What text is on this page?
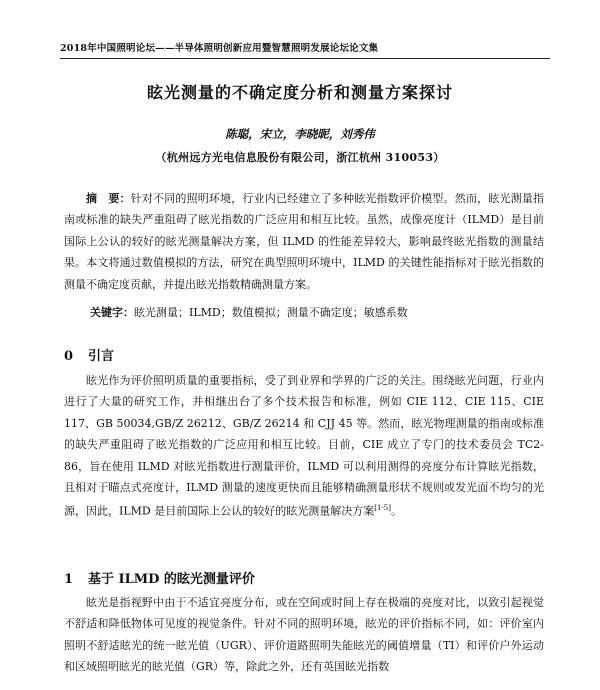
2018年中国照明论坛——半导体照明创新应用暨智慧照明发展论坛论文集
眩光测量的不确定度分析和测量方案探讨
陈聪，宋立，李晓昵，刘秀伟
（杭州远方光电信息股份有限公司，浙江杭州 310053）
摘　要：针对不同的照明环境，行业内已经建立了多种眩光指数评价模型。然而，眩光测量指南或标准的缺失严重阻碍了眩光指数的广泛应用和相互比较。虽然，成像亮度计（ILMD）是目前国际上公认的较好的眩光测量解决方案，但 ILMD 的性能差异较大，影响最终眩光指数的测量结果。本文将通过数值模拟的方法，研究在典型照明环境中，ILMD 的关键性能指标对于眩光指数的测量不确定度贡献，并提出眩光指数精确测量方案。
关键字：眩光测量；ILMD；数值模拟；测量不确定度；敏感系数
0 引言
眩光作为评价照明质量的重要指标，受了到业界和学界的广泛的关注。围绕眩光问题，行业内进行了大量的研究工作，并相继出台了多个技术报告和标准，例如 CIE 112、CIE 115、CIE 117、GB 50034,GB/Z 26212、GB/Z 26214 和 CJJ 45 等。然而，眩光物理测量的指南或标准的缺失严重阻碍了眩光指数的广泛应用和相互比较。目前，CIE 成立了专门的技术委员会 TC2-86，旨在使用 ILMD 对眩光指数进行测量评价，ILMD 可以利用测得的亮度分布计算眩光指数，且相对于瞄点式亮度计，ILMD 测量的速度更快而且能够精确测量形状不规则或发光面不均匀的光源，因此，ILMD 是目前国际上公认的较好的眩光测量解决方案[1-5]。
1 基于 ILMD 的眩光测量评价
眩光是指视野中由于不适宜亮度分布，或在空间或时间上存在极端的亮度对比，以致引起视觉不舒适和降低物体可见度的视觉条件。针对不同的照明环境，眩光的评价指标不同，如：评价室内照明不舒适眩光的统一眩光值（UGR）、评价道路照明失能眩光的阈值增量（TI）和评价户外运动和区域照明眩光的眩光值（GR）等，除此之外，还有英国眩光指数
